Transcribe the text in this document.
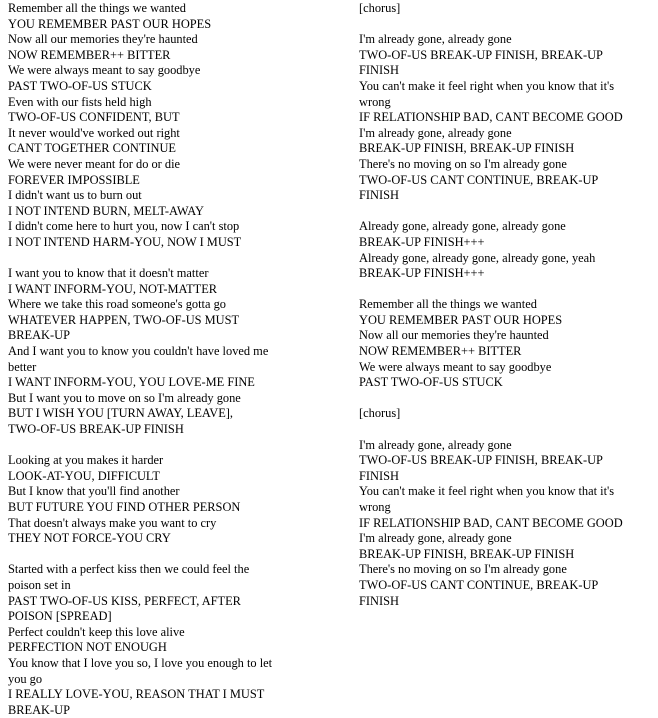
Remember all the things we wanted
YOU REMEMBER PAST OUR HOPES
Now all our memories they're haunted
NOW REMEMBER++ BITTER
We were always meant to say goodbye
PAST TWO-OF-US STUCK
Even with our fists held high
TWO-OF-US CONFIDENT, BUT
It never would've worked out right
CANT TOGETHER CONTINUE
We were never meant for do or die
FOREVER IMPOSSIBLE
I didn't want us to burn out
I NOT INTEND BURN, MELT-AWAY
I didn't come here to hurt you, now I can't stop
I NOT INTEND HARM-YOU, NOW I MUST
I want you to know that it doesn't matter
I WANT INFORM-YOU, NOT-MATTER
Where we take this road someone's gotta go
WHATEVER HAPPEN, TWO-OF-US MUST
BREAK-UP
And I want you to know you couldn't have loved me
better
I WANT INFORM-YOU, YOU LOVE-ME FINE
But I want you to move on so I'm already gone
BUT I WISH YOU [TURN AWAY, LEAVE],
TWO-OF-US BREAK-UP FINISH
Looking at you makes it harder
LOOK-AT-YOU, DIFFICULT
But I know that you'll find another
BUT FUTURE YOU FIND OTHER PERSON
That doesn't always make you want to cry
THEY NOT FORCE-YOU CRY
Started with a perfect kiss then we could feel the
poison set in
PAST TWO-OF-US KISS, PERFECT, AFTER
POISON [SPREAD]
Perfect couldn't keep this love alive
PERFECTION NOT ENOUGH
You know that I love you so, I love you enough to let
you go
I REALLY LOVE-YOU, REASON THAT I MUST
BREAK-UP
[chorus]
I'm already gone, already gone
TWO-OF-US BREAK-UP FINISH, BREAK-UP
FINISH
You can't make it feel right when you know that it's
wrong
IF RELATIONSHIP BAD, CANT BECOME GOOD
I'm already gone, already gone
BREAK-UP FINISH, BREAK-UP FINISH
There's no moving on so I'm already gone
TWO-OF-US CANT CONTINUE, BREAK-UP
FINISH
Already gone, already gone, already gone
BREAK-UP FINISH+++
Already gone, already gone, already gone, yeah
BREAK-UP FINISH+++
Remember all the things we wanted
YOU REMEMBER PAST OUR HOPES
Now all our memories they're haunted
NOW REMEMBER++ BITTER
We were always meant to say goodbye
PAST TWO-OF-US STUCK
[chorus]
I'm already gone, already gone
TWO-OF-US BREAK-UP FINISH, BREAK-UP
FINISH
You can't make it feel right when you know that it's
wrong
IF RELATIONSHIP BAD, CANT BECOME GOOD
I'm already gone, already gone
BREAK-UP FINISH, BREAK-UP FINISH
There's no moving on so I'm already gone
TWO-OF-US CANT CONTINUE, BREAK-UP
FINISH
